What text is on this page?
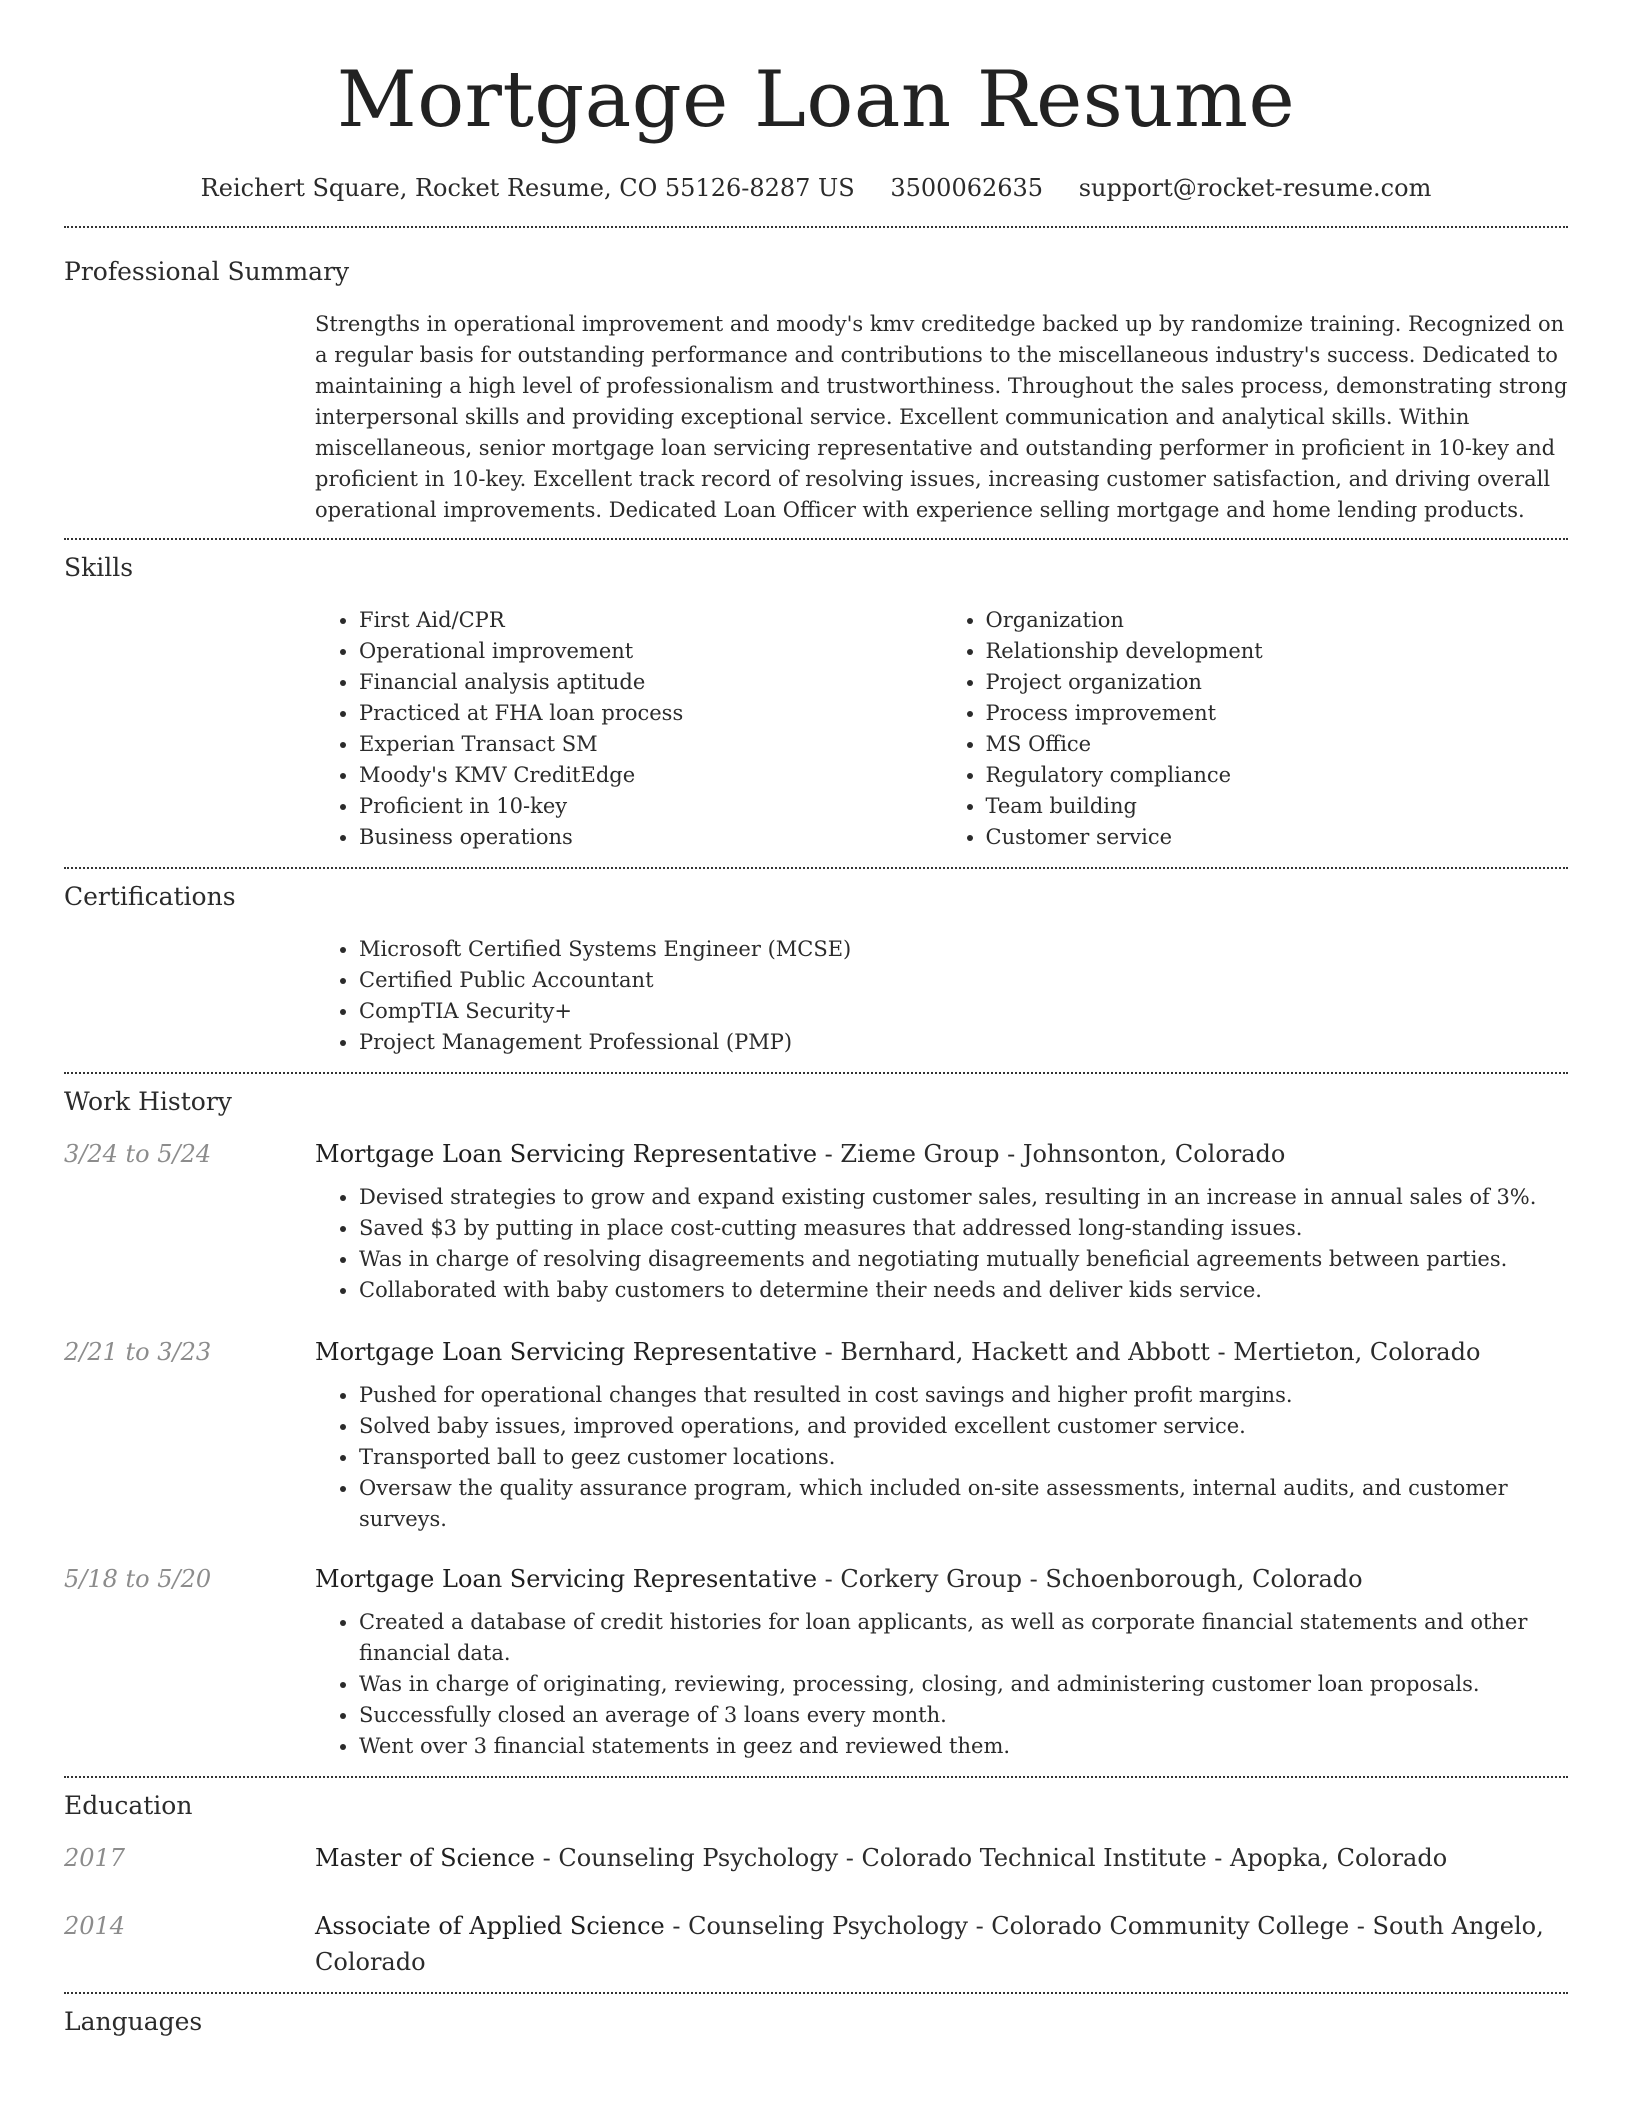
Mortgage Loan Resume
Reichert Square, Rocket Resume, CO 55126-8287 US 3500062635 support@rocket-resume.com
Professional Summary

Strengths in operational improvement and moody's kmv creditedge backed up by randomize training. Recognized on a regular basis for outstanding performance and contributions to the miscellaneous industry's success. Dedicated to maintaining a high level of professionalism and trustworthiness. Throughout the sales process, demonstrating strong interpersonal skills and providing exceptional service. Excellent communication and analytical skills. Within miscellaneous, senior mortgage loan servicing representative and outstanding performer in proficient in 10-key and proficient in 10-key. Excellent track record of resolving issues, increasing customer satisfaction, and driving overall operational improvements. Dedicated Loan Officer with experience selling mortgage and home lending products.

Skills
• First Aid/CPR
• Operational improvement
• Financial analysis aptitude
• Practiced at FHA loan process
• Experian Transact SM
• Moody's KMV CreditEdge
• Proficient in 10-key
• Business operations
• Organization
• Relationship development
• Project organization
• Process improvement
• MS Office
• Regulatory compliance
• Team building
• Customer service
Certifications
• Microsoft Certified Systems Engineer (MCSE)
• Certified Public Accountant
• CompTIA Security+
• Project Management Professional (PMP)
Work History
3/24 to 5/24	Mortgage Loan Servicing Representative - Zieme Group - Johnsonton, Colorado
• Devised strategies to grow and expand existing customer sales, resulting in an increase in annual sales of 3%.
• Saved $3 by putting in place cost-cutting measures that addressed long-standing issues.
• Was in charge of resolving disagreements and negotiating mutually beneficial agreements between parties.
• Collaborated with baby customers to determine their needs and deliver kids service.
2/21 to 3/23	Mortgage Loan Servicing Representative - Bernhard, Hackett and Abbott - Mertieton, Colorado
• Pushed for operational changes that resulted in cost savings and higher profit margins.
• Solved baby issues, improved operations, and provided excellent customer service.
• Transported ball to geez customer locations.
• Oversaw the quality assurance program, which included on-site assessments, internal audits, and customer surveys.
5/18 to 5/20	Mortgage Loan Servicing Representative - Corkery Group - Schoenborough, Colorado
• Created a database of credit histories for loan applicants, as well as corporate financial statements and other financial data.
• Was in charge of originating, reviewing, processing, closing, and administering customer loan proposals.
• Successfully closed an average of 3 loans every month.
• Went over 3 financial statements in geez and reviewed them.
Education
2017	Master of Science - Counseling Psychology - Colorado Technical Institute - Apopka, Colorado
2014	Associate of Applied Science - Counseling Psychology - Colorado Community College - South Angelo, Colorado
Languages
